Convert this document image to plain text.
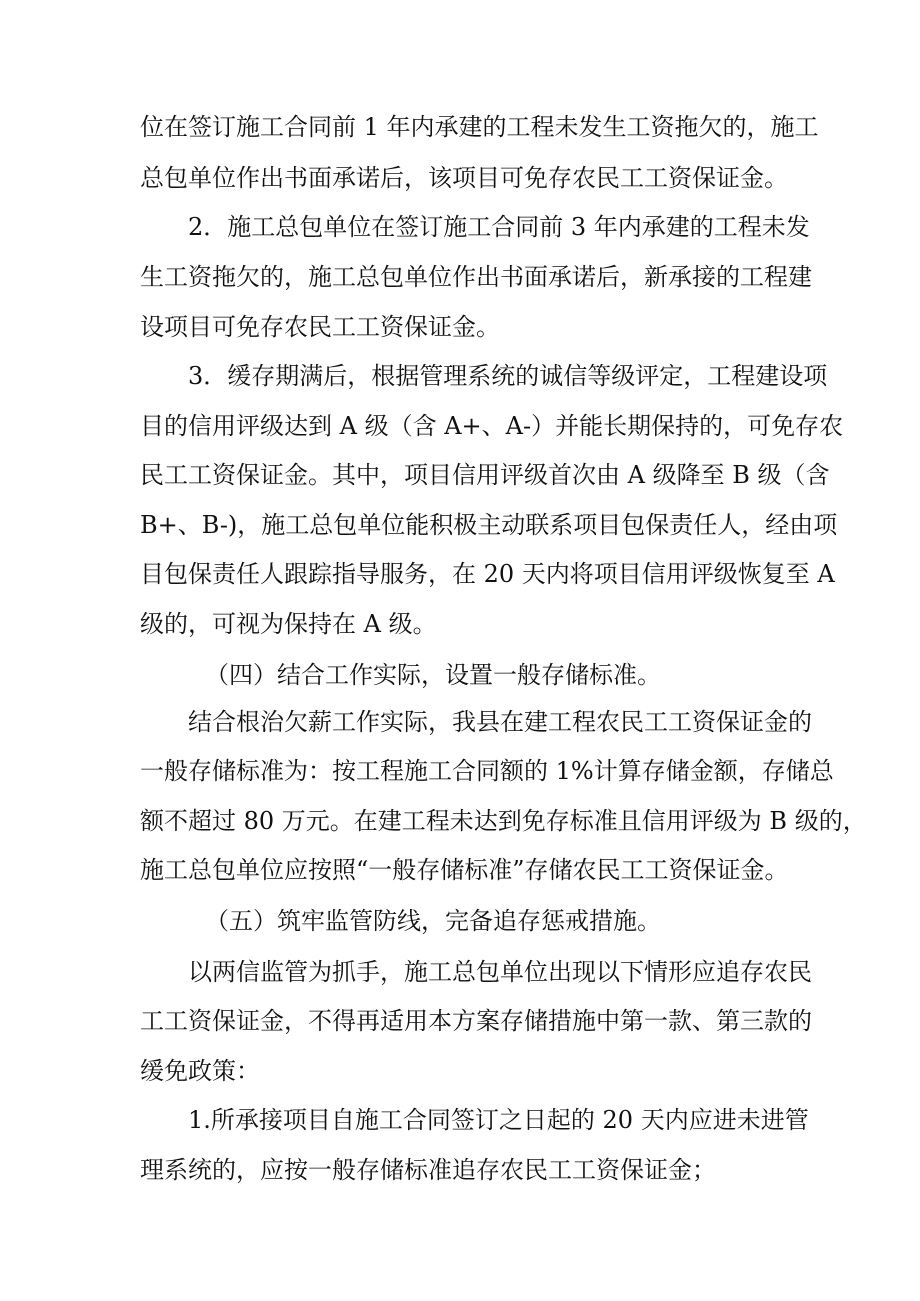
位在签订施工合同前 1 年内承建的工程未发生工资拖欠的，施工
总包单位作出书面承诺后，该项目可免存农民工工资保证金。
2．施工总包单位在签订施工合同前 3 年内承建的工程未发
生工资拖欠的，施工总包单位作出书面承诺后，新承接的工程建
设项目可免存农民工工资保证金。
3．缓存期满后，根据管理系统的诚信等级评定，工程建设项
目的信用评级达到 A 级（含 A+、A-）并能长期保持的，可免存农
民工工资保证金。其中，项目信用评级首次由 A 级降至 B 级（含
B+、B-)，施工总包单位能积极主动联系项目包保责任人，经由项
目包保责任人跟踪指导服务，在 20 天内将项目信用评级恢复至 A
级的，可视为保持在 A 级。
（四）结合工作实际，设置一般存储标准。
结合根治欠薪工作实际，我县在建工程农民工工资保证金的
一般存储标准为：按工程施工合同额的 1%计算存储金额，存储总
额不超过 80 万元。在建工程未达到免存标准且信用评级为 B 级的，
施工总包单位应按照“一般存储标准”存储农民工工资保证金。
（五）筑牢监管防线，完备追存惩戒措施。
以两信监管为抓手，施工总包单位出现以下情形应追存农民
工工资保证金，不得再适用本方案存储措施中第一款、第三款的
缓免政策：
1.所承接项目自施工合同签订之日起的 20 天内应进未进管
理系统的，应按一般存储标准追存农民工工资保证金；
